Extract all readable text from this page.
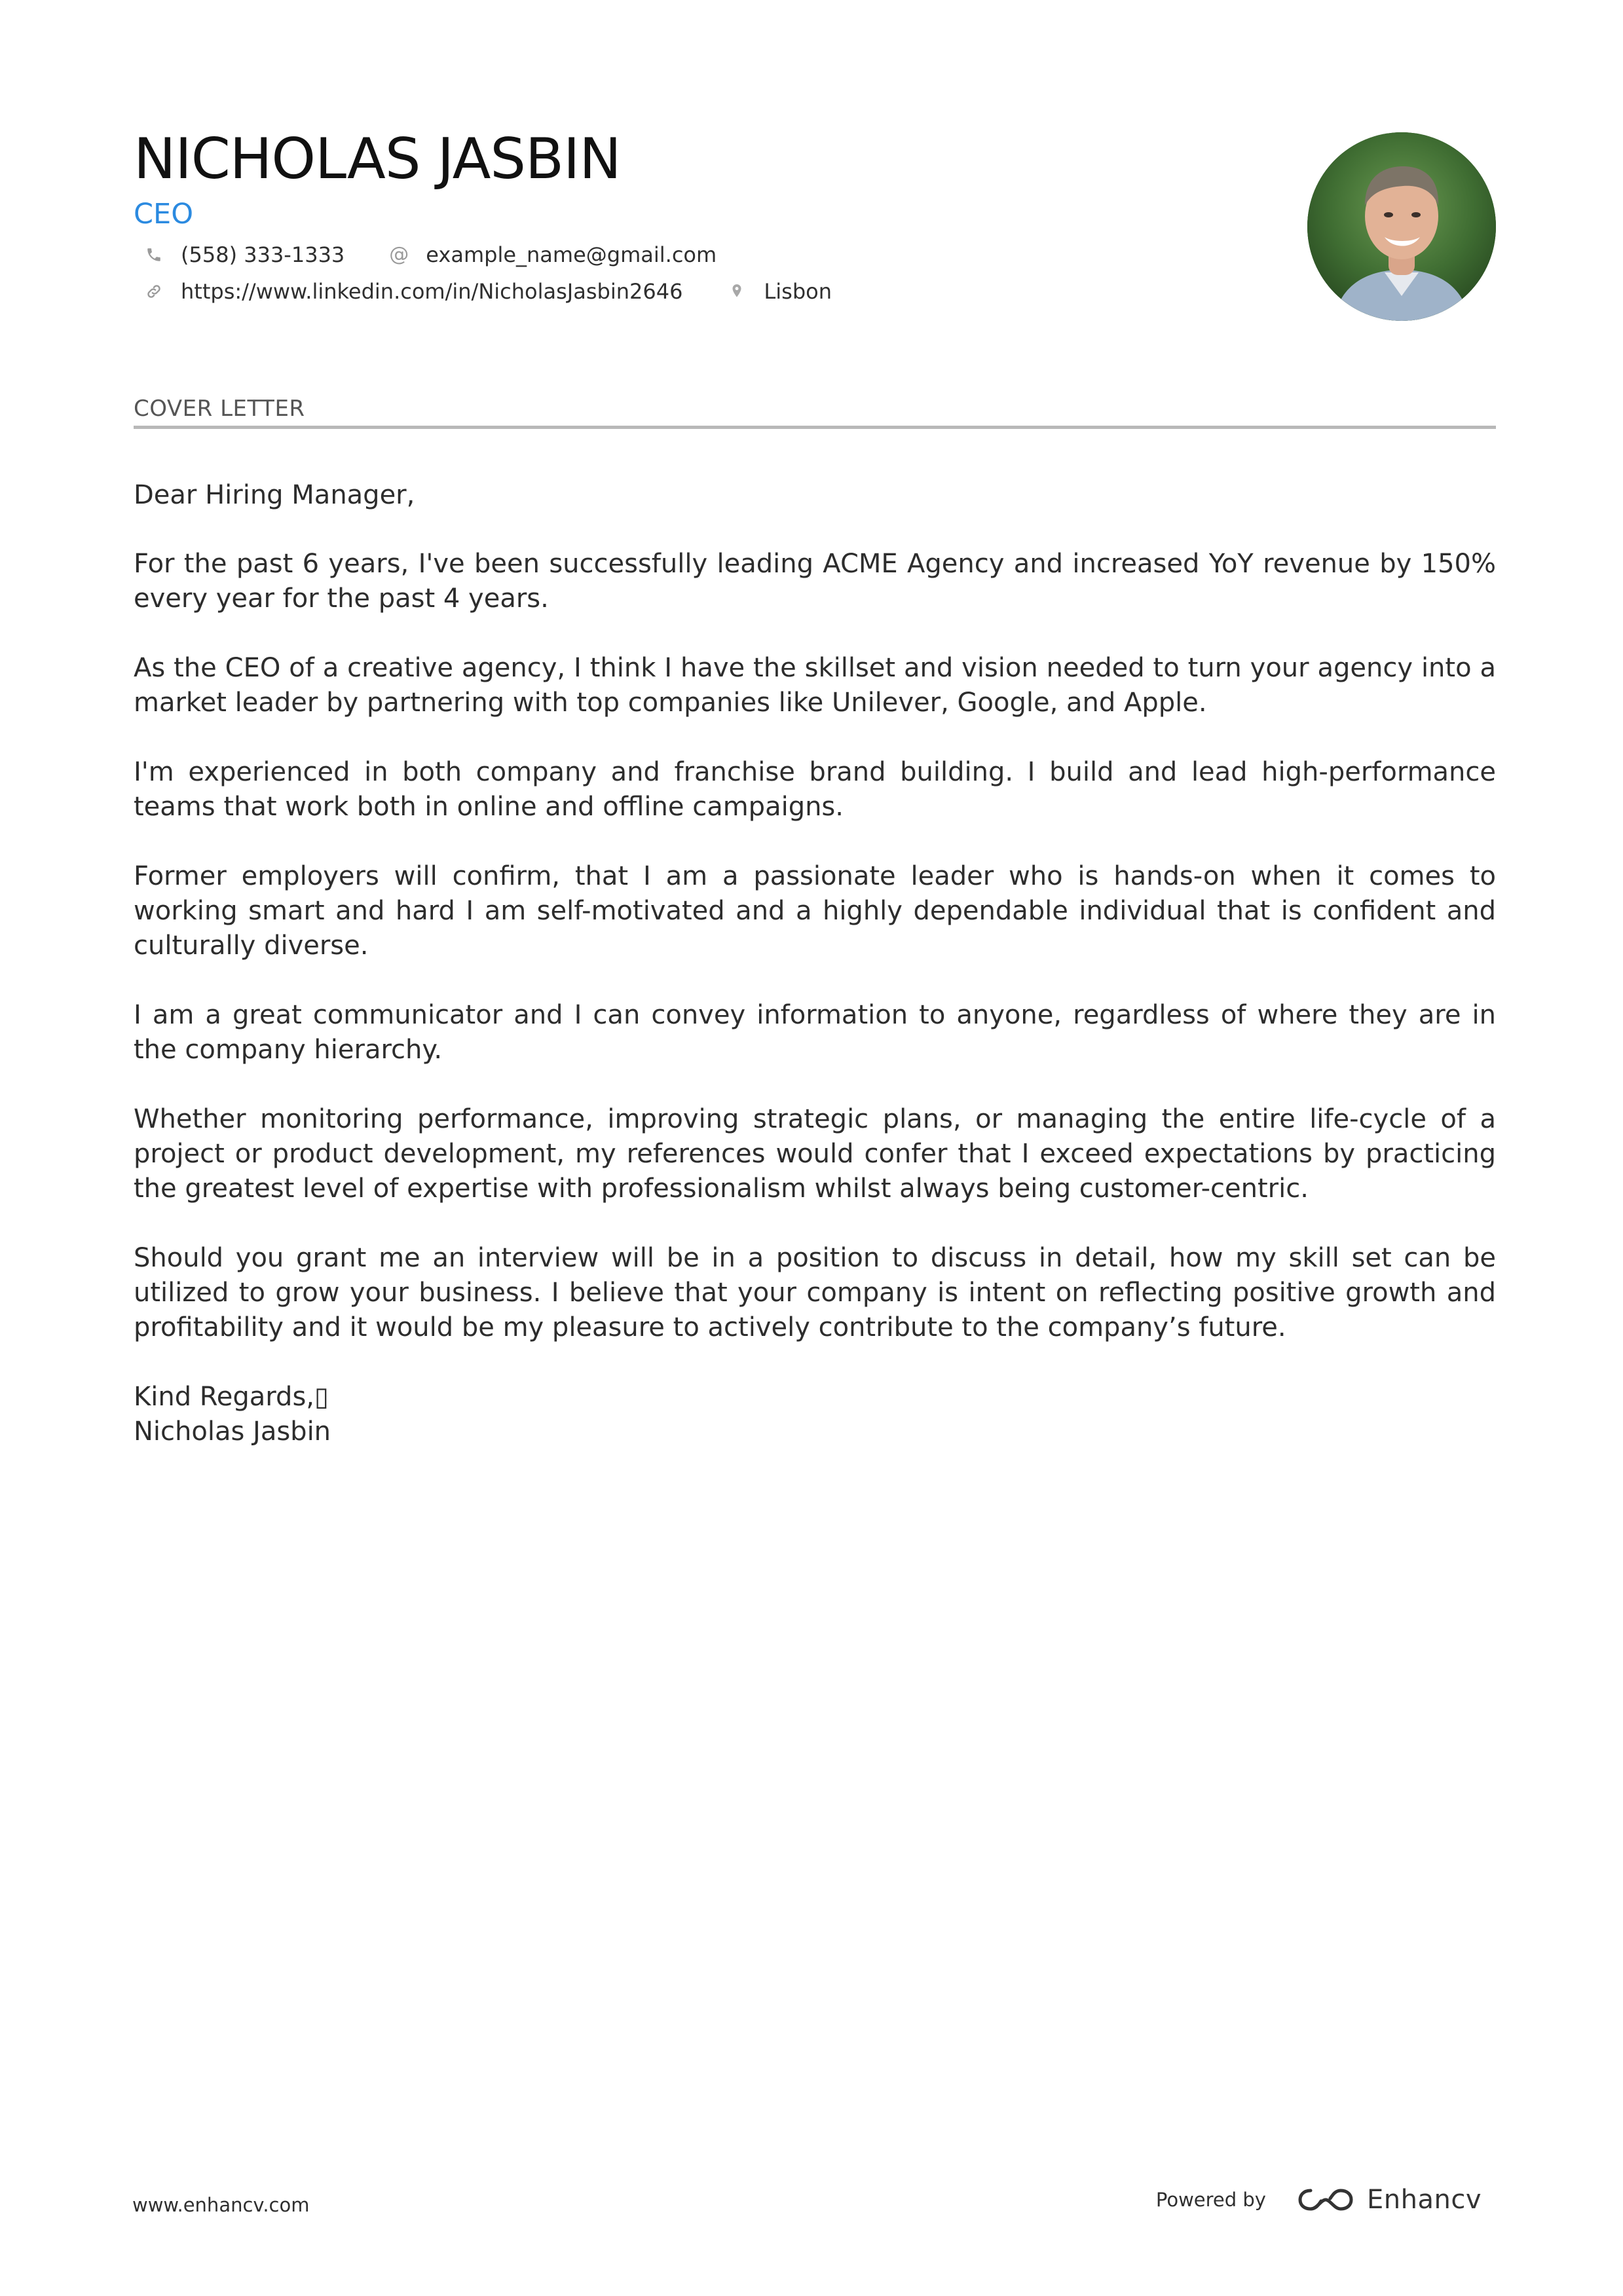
NICHOLAS JASBIN
CEO
(558) 333-1333 @ example_name@gmail.com
https://www.linkedin.com/in/NicholasJasbin2646	Lisbon
COVER LETTER

Dear Hiring Manager,

For the past 6 years, I've been successfully leading ACME Agency and increased YoY revenue by 150% every year for the past 4 years.

As the CEO of a creative agency, I think I have the skillset and vision needed to turn your agency into a market leader by partnering with top companies like Unilever, Google, and Apple.

I'm experienced in both company and franchise brand building. I build and lead high-performance teams that work both in online and offline campaigns.

Former employers will confirm, that I am a passionate leader who is hands-on when it comes to working smart and hard I am self-motivated and a highly dependable individual that is confident and culturally diverse.

I am a great communicator and I can convey information to anyone, regardless of where they are in the company hierarchy.

Whether monitoring performance, improving strategic plans, or managing the entire life-cycle of a project or product development, my references would confer that I exceed expectations by practicing the greatest level of expertise with professionalism whilst always being customer-centric.

Should you grant me an interview will be in a position to discuss in detail, how my skill set can be utilized to grow your business. I believe that your company is intent on reflecting positive growth and profitability and it would be my pleasure to actively contribute to the company’s future.

Kind Regards,▯
Nicholas Jasbin
www.enhancv.com	Powered by	Enhancv
